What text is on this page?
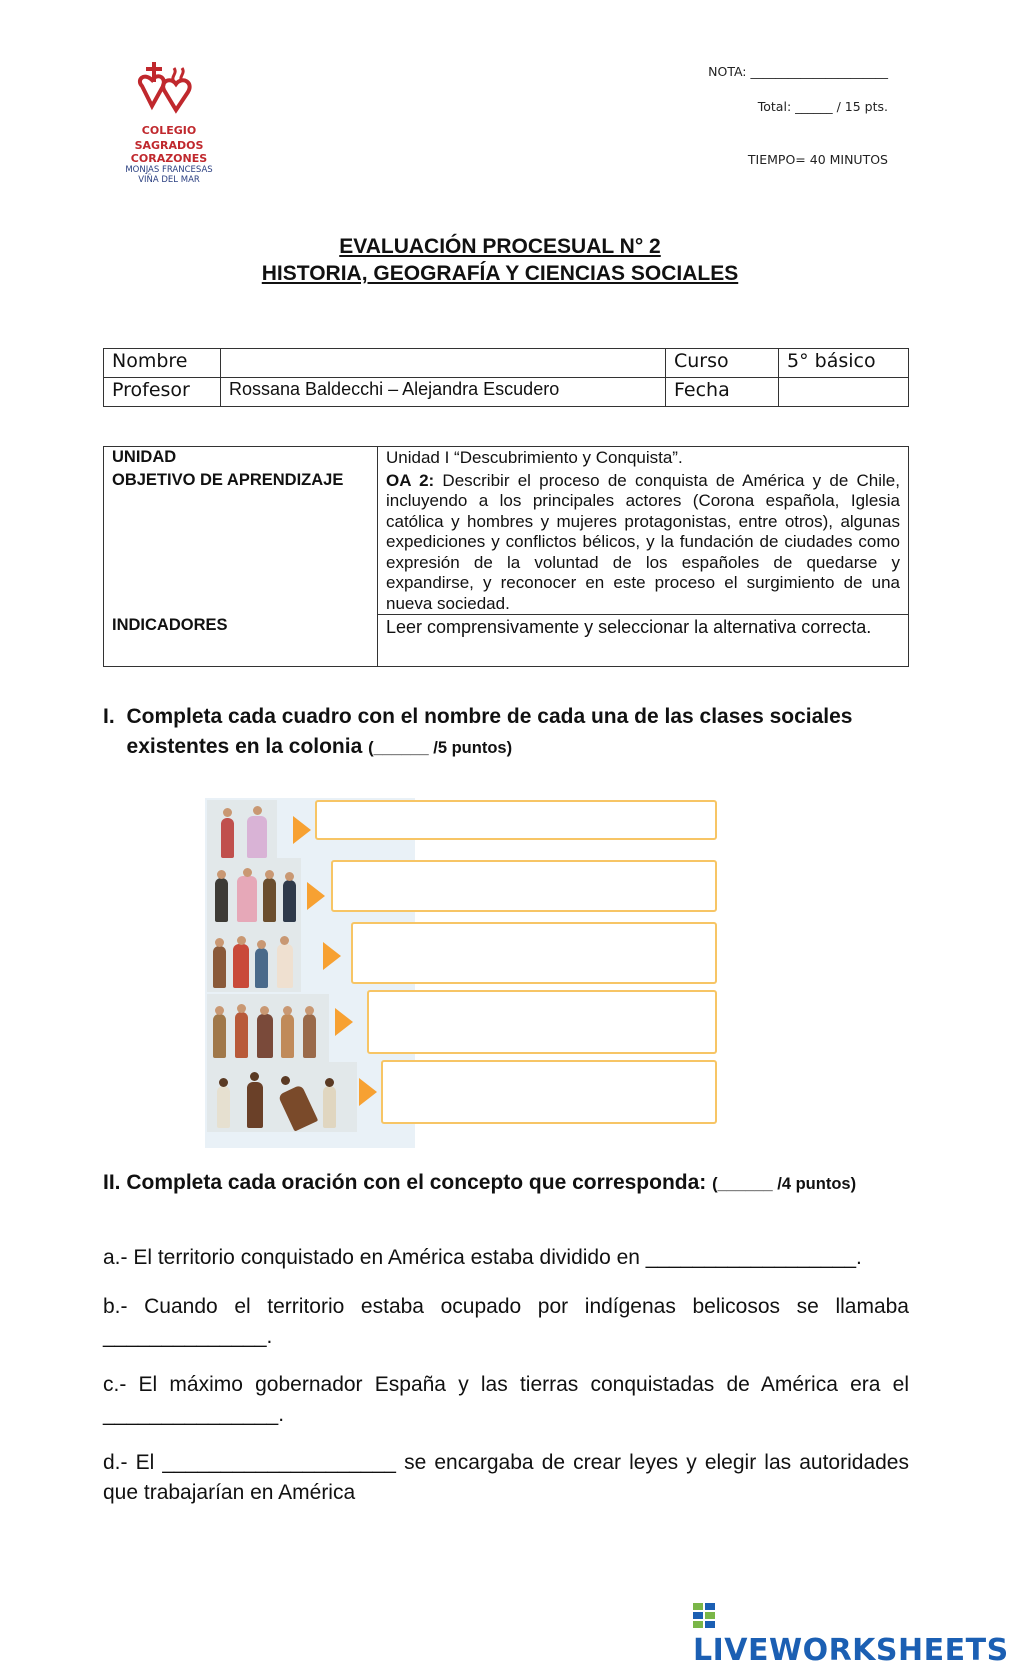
COLEGIO
SAGRADOS CORAZONES
MONJAS FRANCESAS
VIÑA DEL MAR
NOTA: ______________________
Total: ______ / 15 pts.
TIEMPO= 40 MINUTOS
EVALUACIÓN PROCESUAL N° 2
HISTORIA, GEOGRAFÍA Y CIENCIAS SOCIALES
Nombre		Curso	5° básico
Profesor	Rossana Baldecchi – Alejandra Escudero	Fecha	
UNIDAD	Unidad I “Descubrimiento y Conquista”.
OBJETIVO DE APRENDIZAJE	OA 2: Describir el proceso de conquista de América y de Chile, incluyendo a los principales actores (Corona española, Iglesia católica y hombres y mujeres protagonistas, entre otros), algunas expediciones y conflictos bélicos, y la fundación de ciudades como expresión de la voluntad de los españoles de quedarse y expandirse, y reconocer en este proceso el surgimiento de una nueva sociedad.
INDICADORES	Leer comprensivamente y seleccionar la alternativa correcta.
I. Completa cada cuadro con el nombre de cada una de las clases sociales existentes en la colonia (______ /5 puntos)
II. Completa cada oración con el concepto que corresponda: (______ /4 puntos)
a.- El territorio conquistado en América estaba dividido en __________________.
b.- Cuando el territorio estaba ocupado por indígenas belicosos se llamaba ______________.
c.- El máximo gobernador España y las tierras conquistadas de América era el _______________.
d.- El ____________________ se encargaba de crear leyes y elegir las autoridades que trabajarían en América
LIVEWORKSHEETS
